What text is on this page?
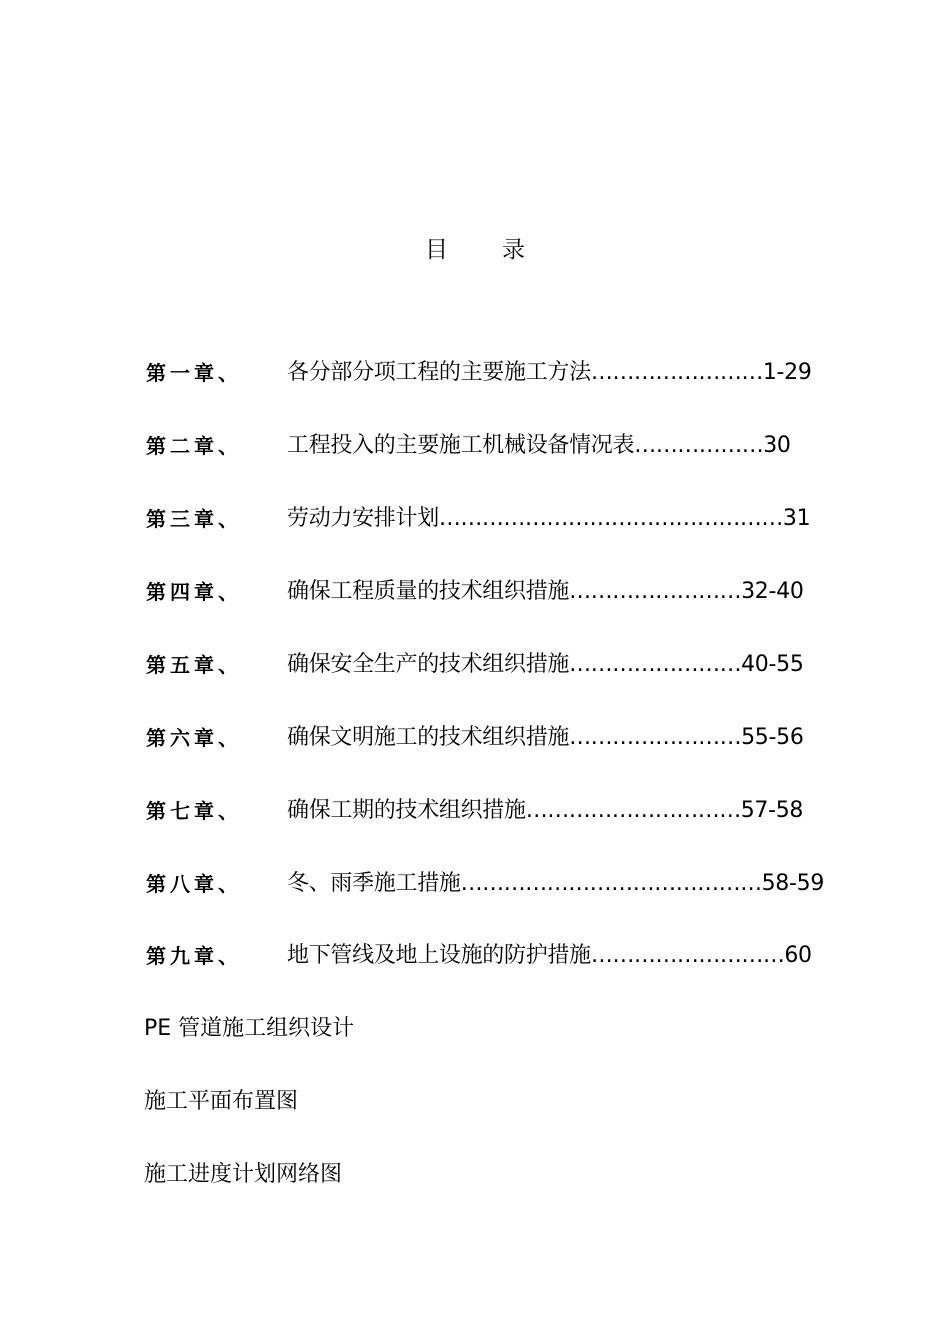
目 录
第一章、 各分部分项工程的主要施工方法……………………1-29
第二章、 工程投入的主要施工机械设备情况表………………30
第三章、 劳动力安排计划…………………………………………31
第四章、 确保工程质量的技术组织措施……………………32-40
第五章、 确保安全生产的技术组织措施……………………40-55
第六章、 确保文明施工的技术组织措施……………………55-56
第七章、 确保工期的技术组织措施…………………………57-58
第八章、 冬、雨季施工措施……………………………………58-59
第九章、 地下管线及地上设施的防护措施………………………60
PE 管道施工组织设计
施工平面布置图
施工进度计划网络图
